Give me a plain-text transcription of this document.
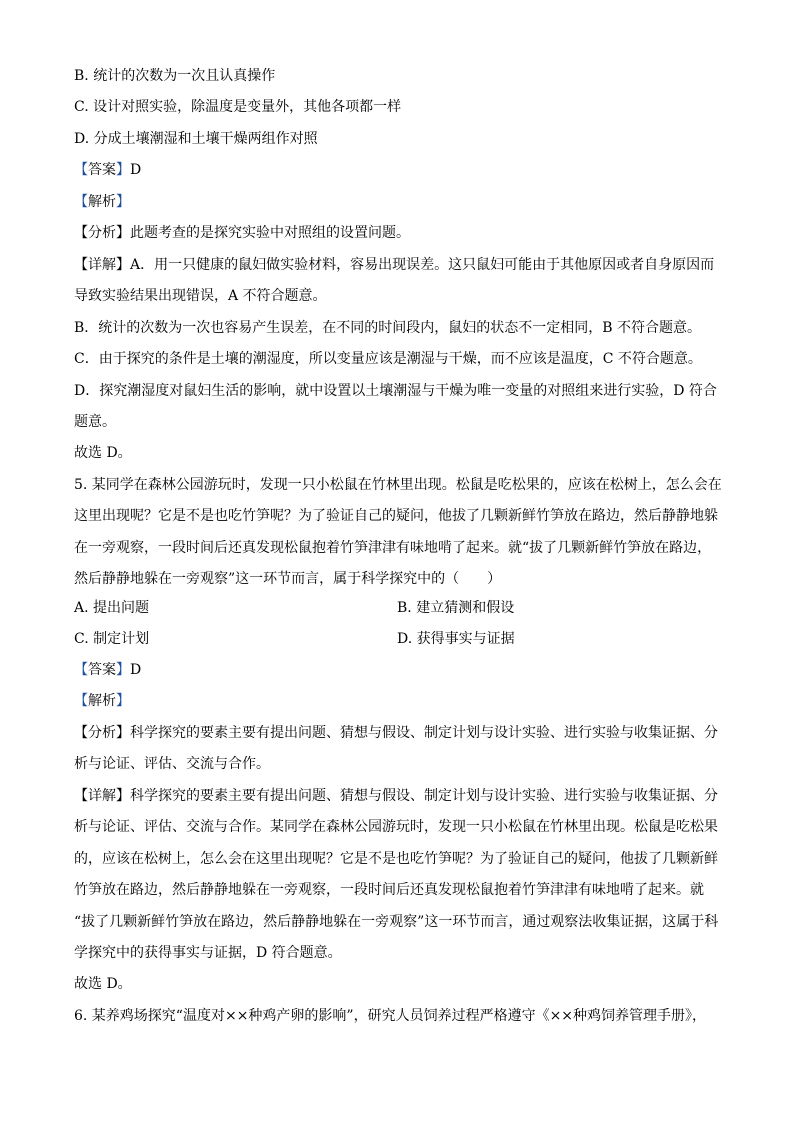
B. 统计的次数为一次且认真操作
C. 设计对照实验，除温度是变量外，其他各项都一样
D. 分成土壤潮湿和土壤干燥两组作对照
【答案】D
【解析】
【分析】此题考查的是探究实验中对照组的设置问题。
【详解】A．用一只健康的鼠妇做实验材料，容易出现误差。这只鼠妇可能由于其他原因或者自身原因而
导致实验结果出现错误，A 不符合题意。
B．统计的次数为一次也容易产生误差，在不同的时间段内，鼠妇的状态不一定相同，B 不符合题意。
C．由于探究的条件是土壤的潮湿度，所以变量应该是潮湿与干燥，而不应该是温度，C 不符合题意。
D．探究潮湿度对鼠妇生活的影响，就中设置以土壤潮湿与干燥为唯一变量的对照组来进行实验，D 符合
题意。
故选 D。
5. 某同学在森林公园游玩时，发现一只小松鼠在竹林里出现。松鼠是吃松果的，应该在松树上，怎么会在
这里出现呢？它是不是也吃竹笋呢？为了验证自己的疑问，他拔了几颗新鲜竹笋放在路边，然后静静地躲
在一旁观察，一段时间后还真发现松鼠抱着竹笋津津有味地啃了起来。就“拔了几颗新鲜竹笋放在路边，
然后静静地躲在一旁观察”这一环节而言，属于科学探究中的（　　）
A. 提出问题	B. 建立猜测和假设
C. 制定计划	D. 获得事实与证据
【答案】D
【解析】
【分析】科学探究的要素主要有提出问题、猜想与假设、制定计划与设计实验、进行实验与收集证据、分
析与论证、评估、交流与合作。
【详解】科学探究的要素主要有提出问题、猜想与假设、制定计划与设计实验、进行实验与收集证据、分
析与论证、评估、交流与合作。某同学在森林公园游玩时，发现一只小松鼠在竹林里出现。松鼠是吃松果
的，应该在松树上，怎么会在这里出现呢？它是不是也吃竹笋呢？为了验证自己的疑问，他拔了几颗新鲜
竹笋放在路边，然后静静地躲在一旁观察，一段时间后还真发现松鼠抱着竹笋津津有味地啃了起来。就
“拔了几颗新鲜竹笋放在路边，然后静静地躲在一旁观察”这一环节而言，通过观察法收集证据，这属于科
学探究中的获得事实与证据，D 符合题意。
故选 D。
6. 某养鸡场探究“温度对××种鸡产卵的影响”，研究人员饲养过程严格遵守《××种鸡饲养管理手册》，
